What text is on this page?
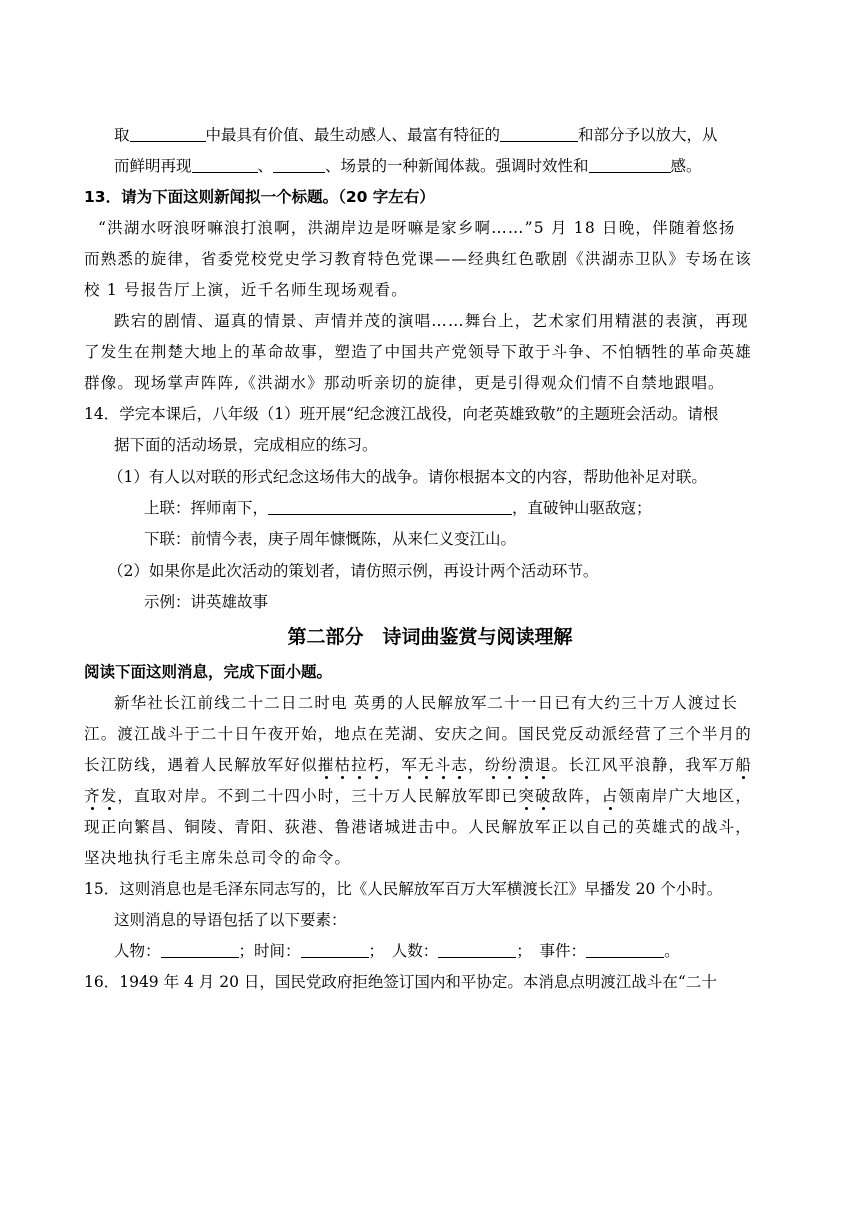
取	中最具有价值、最生动感人、最富有特征的	和部分予以放大，从
而鲜明再现	、	、场景的一种新闻体裁。强调时效性和	感。
13．请为下面这则新闻拟一个标题。（20 字左右）
“洪湖水呀浪呀嘛浪打浪啊，洪湖岸边是呀嘛是家乡啊……”5 月 18 日晚，伴随着悠扬
而熟悉的旋律，省委党校党史学习教育特色党课——经典红色歌剧《洪湖赤卫队》专场在该
校 1 号报告厅上演，近千名师生现场观看。
跌宕的剧情、逼真的情景、声情并茂的演唱……舞台上，艺术家们用精湛的表演，再现
了发生在荆楚大地上的革命故事，塑造了中国共产党领导下敢于斗争、不怕牺牲的革命英雄
群像。现场掌声阵阵,《洪湖水》那动听亲切的旋律，更是引得观众们情不自禁地跟唱。
14．学完本课后，八年级（1）班开展“纪念渡江战役，向老英雄致敬”的主题班会活动。请根
据下面的活动场景，完成相应的练习。
（1）有人以对联的形式纪念这场伟大的战争。请你根据本文的内容，帮助他补足对联。
上联：挥师南下，	，直破钟山驱敌寇；
下联：前情今表，庚子周年慷慨陈，从来仁义变江山。
（2）如果你是此次活动的策划者，请仿照示例，再设计两个活动环节。
示例：讲英雄故事
第二部分　诗词曲鉴赏与阅读理解
阅读下面这则消息，完成下面小题。
新华社长江前线二十二日二时电 英勇的人民解放军二十一日已有大约三十万人渡过长
江。渡江战斗于二十日午夜开始，地点在芜湖、安庆之间。国民党反动派经营了三个半月的
长江防线，遇着人民解放军好似摧枯拉朽，军无斗志，纷纷溃退。长江风平浪静，我军万船
齐发，直取对岸。不到二十四小时，三十万人民解放军即已突破敌阵，占领南岸广大地区，
现正向繁昌、铜陵、青阳、荻港、鲁港诸城进击中。人民解放军正以自己的英雄式的战斗，
坚决地执行毛主席朱总司令的命令。
15．这则消息也是毛泽东同志写的，比《人民解放军百万大军横渡长江》早播发 20 个小时。
这则消息的导语包括了以下要素：
人物：	；时间：	；　人数：	；　事件：	。
16．1949 年 4 月 20 日，国民党政府拒绝签订国内和平协定。本消息点明渡江战斗在“二十
